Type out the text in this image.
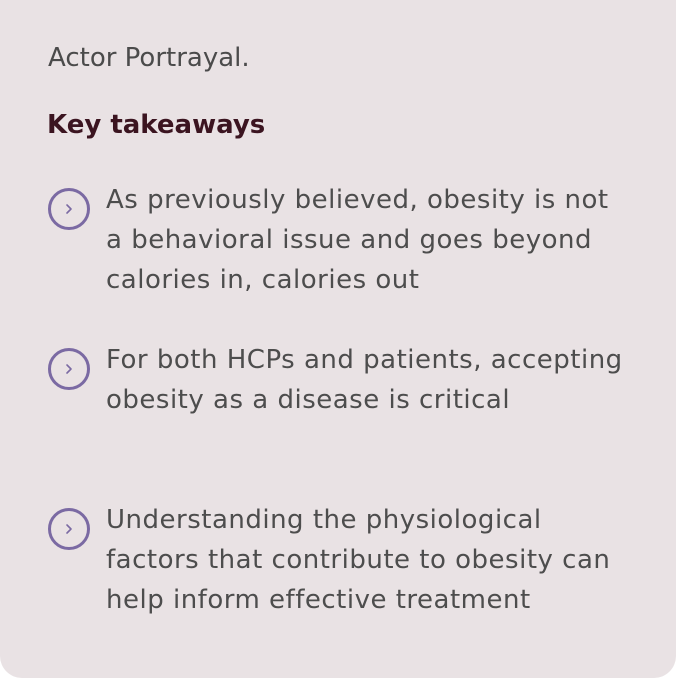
Actor Portrayal.
Key takeaways
As previously believed, obesity is not a behavioral issue and goes beyond calories in, calories out
For both HCPs and patients, accepting obesity as a disease is critical
Understanding the physiological factors that contribute to obesity can help inform effective treatment
